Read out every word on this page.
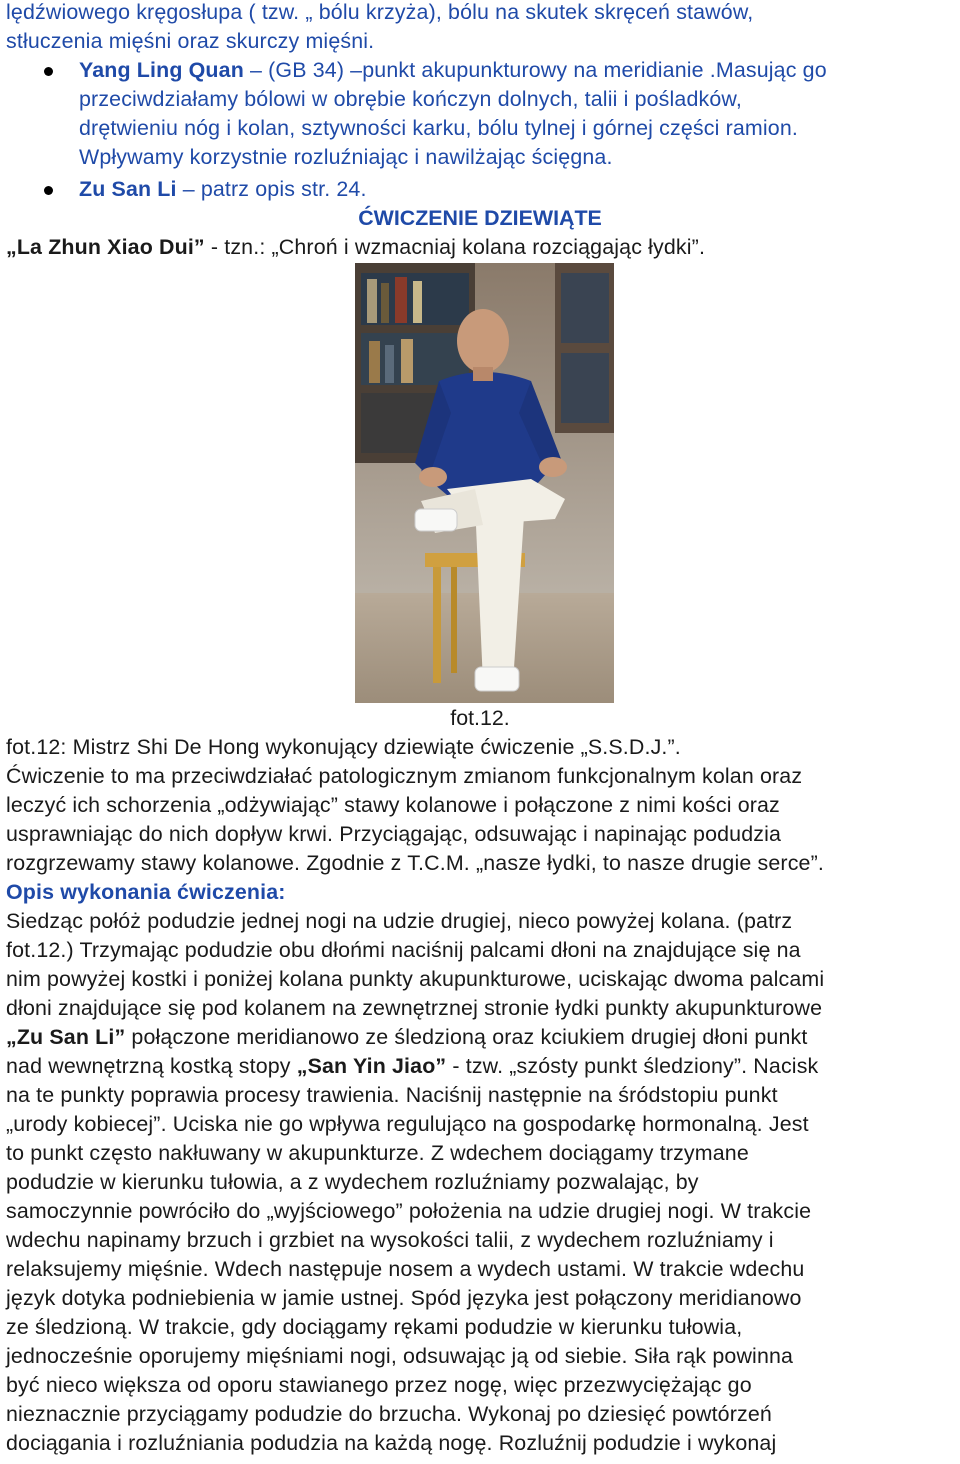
lędźwiowego kręgosłupa ( tzw. „ bólu krzyża), bólu na skutek skręceń stawów,
stłuczenia mięśni oraz skurczy mięśni.
Yang Ling Quan – (GB 34) –punkt akupunkturowy na meridianie .Masując go
przeciwdziałamy bólowi w obrębie kończyn dolnych, talii i pośladków,
drętwieniu nóg i kolan, sztywności karku, bólu tylnej i górnej części ramion.
Wpływamy korzystnie rozluźniając i nawilżając ścięgna.
Zu San Li – patrz opis str. 24.
ĆWICZENIE DZIEWIĄTE
„La Zhun Xiao Dui” - tzn.: „Chroń i wzmacniaj kolana rozciągając łydki”.
fot.12.
fot.12: Mistrz Shi De Hong wykonujący dziewiąte ćwiczenie „S.S.D.J.”.
Ćwiczenie to ma przeciwdziałać patologicznym zmianom funkcjonalnym kolan oraz
leczyć ich schorzenia „odżywiając” stawy kolanowe i połączone z nimi kości oraz
usprawniając do nich dopływ krwi. Przyciągając, odsuwając i napinając podudzia
rozgrzewamy stawy kolanowe. Zgodnie z T.C.M. „nasze łydki, to nasze drugie serce”.
Opis wykonania ćwiczenia:
Siedząc połóż podudzie jednej nogi na udzie drugiej, nieco powyżej kolana. (patrz
fot.12.) Trzymając podudzie obu dłońmi naciśnij palcami dłoni na znajdujące się na
nim powyżej kostki i poniżej kolana punkty akupunkturowe, uciskając dwoma palcami
dłoni znajdujące się pod kolanem na zewnętrznej stronie łydki punkty akupunkturowe
„Zu San Li” połączone meridianowo ze śledzioną oraz kciukiem drugiej dłoni punkt
nad wewnętrzną kostką stopy „San Yin Jiao” - tzw. „szósty punkt śledziony”. Nacisk
na te punkty poprawia procesy trawienia. Naciśnij następnie na śródstopiu punkt
„urody kobiecej”. Uciska nie go wpływa regulująco na gospodarkę hormonalną. Jest
to punkt często nakłuwany w akupunkturze. Z wdechem dociągamy trzymane
podudzie w kierunku tułowia, a z wydechem rozluźniamy pozwalając, by
samoczynnie powróciło do „wyjściowego” położenia na udzie drugiej nogi. W trakcie
wdechu napinamy brzuch i grzbiet na wysokości talii, z wydechem rozluźniamy i
relaksujemy mięśnie. Wdech następuje nosem a wydech ustami. W trakcie wdechu
język dotyka podniebienia w jamie ustnej. Spód języka jest połączony meridianowo
ze śledzioną. W trakcie, gdy dociągamy rękami podudzie w kierunku tułowia,
jednocześnie oporujemy mięśniami nogi, odsuwając ją od siebie. Siła rąk powinna
być nieco większa od oporu stawianego przez nogę, więc przezwyciężając go
nieznacznie przyciągamy podudzie do brzucha. Wykonaj po dziesięć powtórzeń
dociągania i rozluźniania podudzia na każdą nogę. Rozluźnij podudzie i wykonaj
